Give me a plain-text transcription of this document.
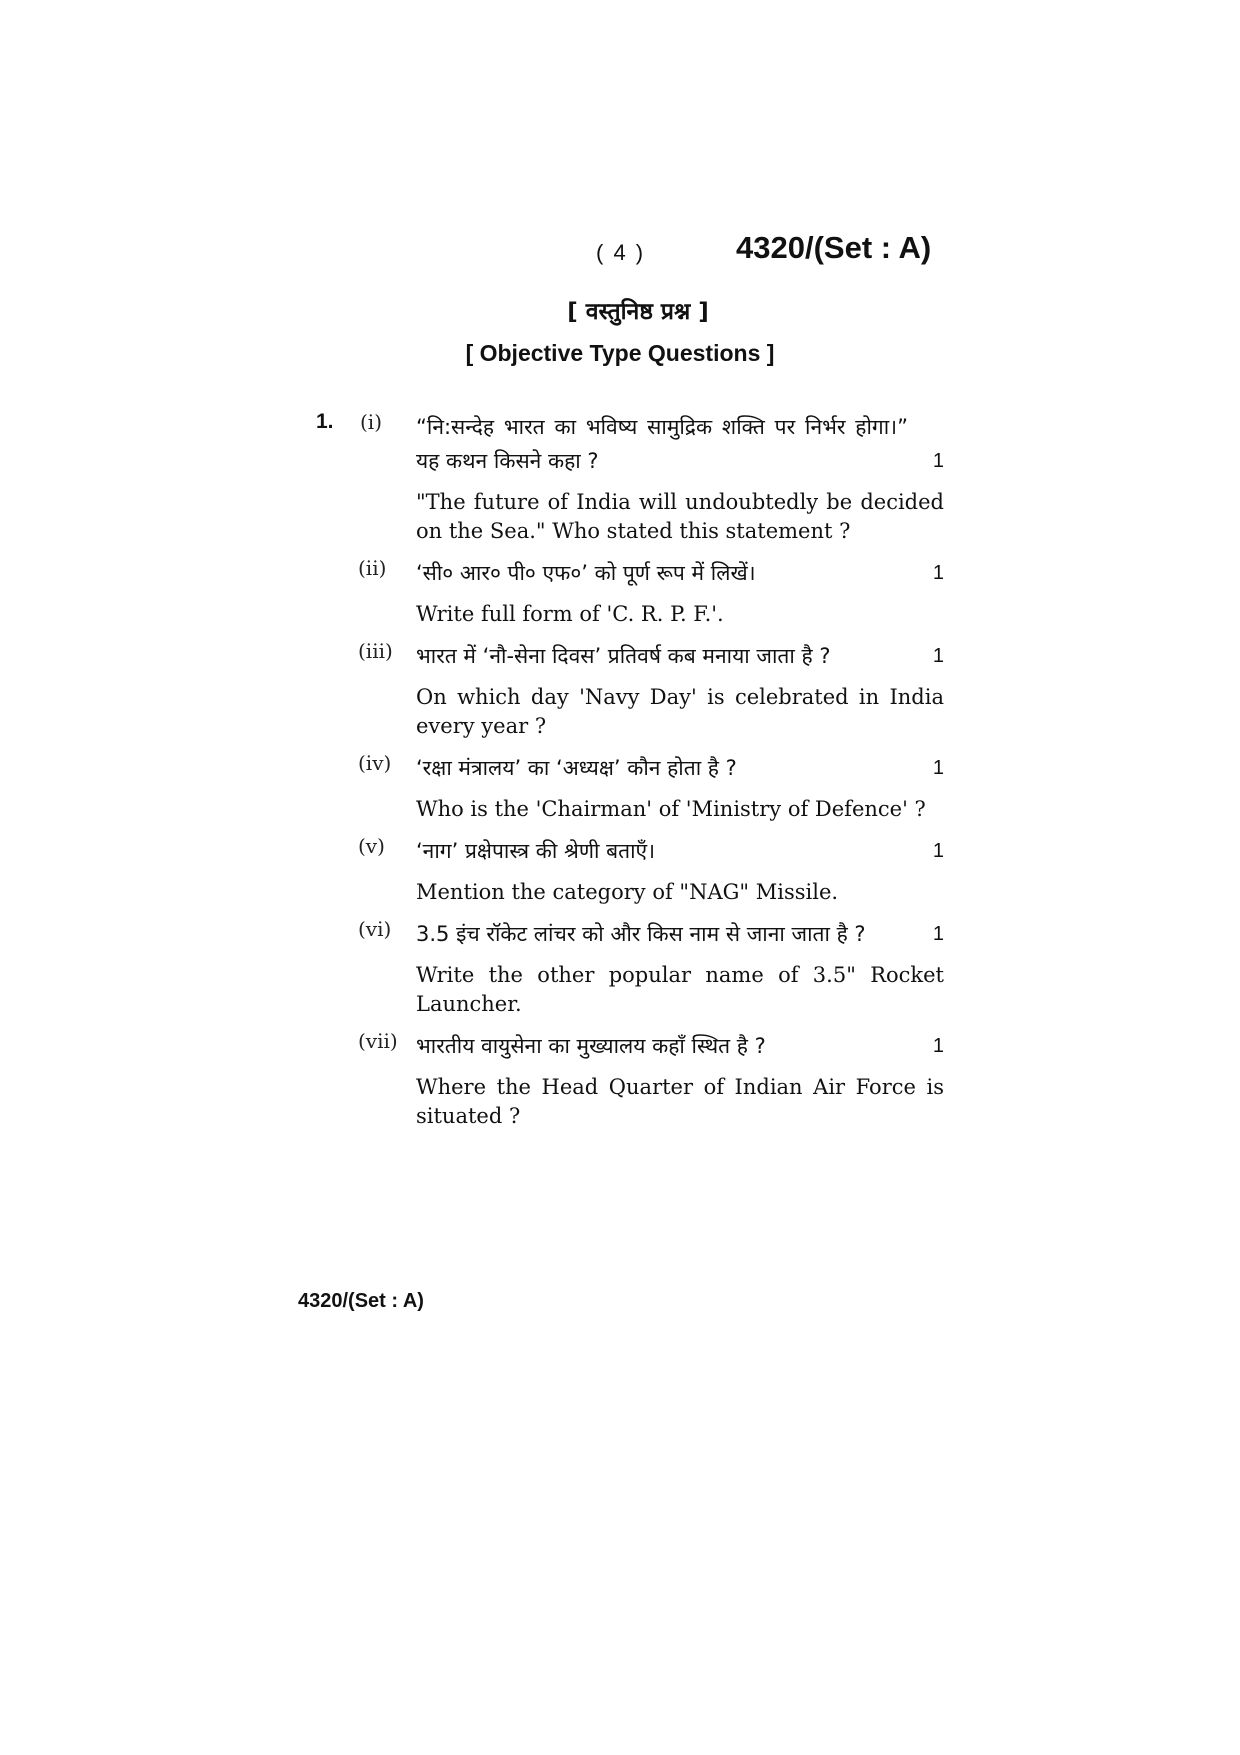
( 4 )	4320/(Set : A)
[ वस्तुनिष्ठ प्रश्न ]
[ Objective Type Questions ]
1. (i)	“नि:सन्देह भारत का भविष्य सामुद्रिक शक्ति पर निर्भर होगा।” यह कथन किसने कहा ?	1
"The future of India will undoubtedly be decided on the Sea." Who stated this statement ?
(ii)	‘सी० आर० पी० एफ०’ को पूर्ण रूप में लिखें।	1
Write full form of 'C. R. P. F.'.
(iii)	भारत में ‘नौ-सेना दिवस’ प्रतिवर्ष कब मनाया जाता है ?	1
On which day 'Navy Day' is celebrated in India every year ?
(iv)	‘रक्षा मंत्रालय’ का ‘अध्यक्ष’ कौन होता है ?	1
Who is the 'Chairman' of 'Ministry of Defence' ?
(v)	‘नाग’ प्रक्षेपास्त्र की श्रेणी बताएँ।	1
Mention the category of "NAG" Missile.
(vi)	3.5 इंच रॉकेट लांचर को और किस नाम से जाना जाता है ?	1
Write the other popular name of 3.5" Rocket Launcher.
(vii) भारतीय वायुसेना का मुख्यालय कहाँ स्थित है ?	1
Where the Head Quarter of Indian Air Force is situated ?
4320/(Set : A)
